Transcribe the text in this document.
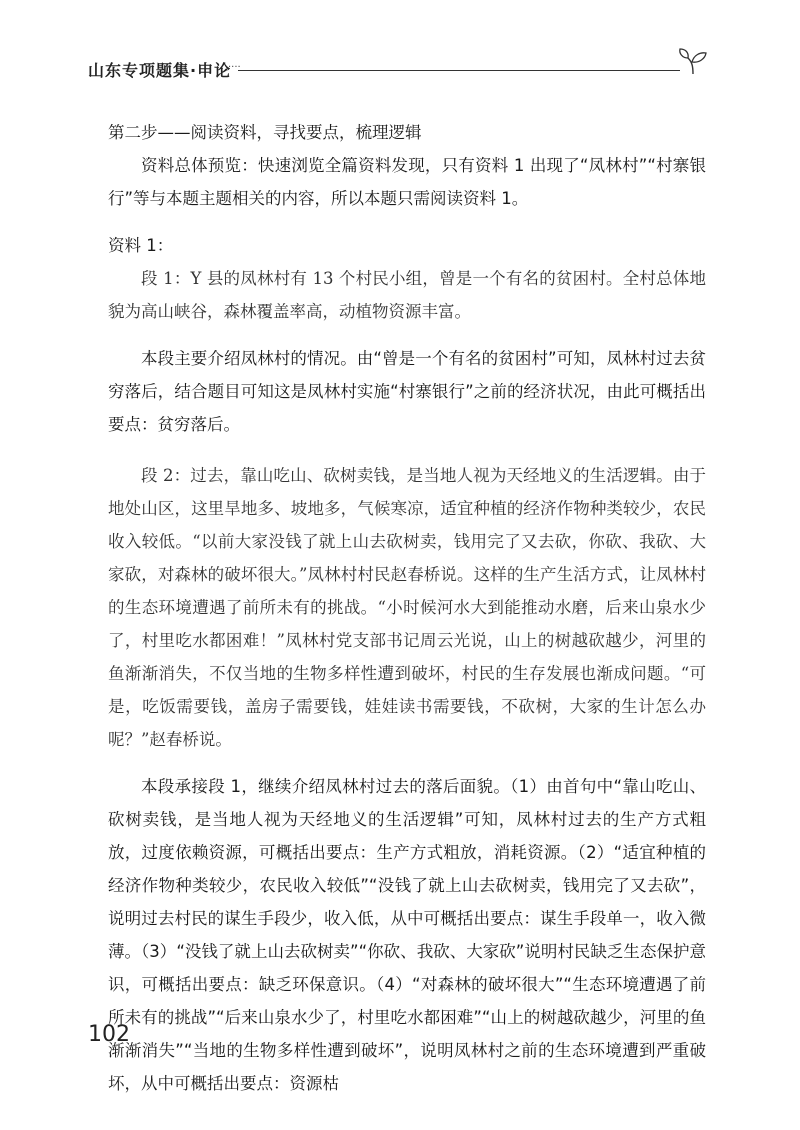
山东专项题集·申论
····

第二步——阅读资料，寻找要点，梳理逻辑

资料总体预览：快速浏览全篇资料发现，只有资料 1 出现了“凤林村”“村寨银行”等与本题主题相关的内容，所以本题只需阅读资料 1。

资料 1：

段 1：Y 县的凤林村有 13 个村民小组，曾是一个有名的贫困村。全村总体地貌为高山峡谷，森林覆盖率高，动植物资源丰富。

本段主要介绍凤林村的情况。由“曾是一个有名的贫困村”可知，凤林村过去贫穷落后，结合题目可知这是凤林村实施“村寨银行”之前的经济状况，由此可概括出要点：贫穷落后。

段 2：过去，靠山吃山、砍树卖钱，是当地人视为天经地义的生活逻辑。由于地处山区，这里旱地多、坡地多，气候寒凉，适宜种植的经济作物种类较少，农民收入较低。“以前大家没钱了就上山去砍树卖，钱用完了又去砍，你砍、我砍、大家砍，对森林的破坏很大。”凤林村村民赵春桥说。这样的生产生活方式，让凤林村的生态环境遭遇了前所未有的挑战。“小时候河水大到能推动水磨，后来山泉水少了，村里吃水都困难！”凤林村党支部书记周云光说，山上的树越砍越少，河里的鱼渐渐消失，不仅当地的生物多样性遭到破坏，村民的生存发展也渐成问题。“可是，吃饭需要钱，盖房子需要钱，娃娃读书需要钱，不砍树，大家的生计怎么办呢？”赵春桥说。

本段承接段 1，继续介绍凤林村过去的落后面貌。（1）由首句中“靠山吃山、砍树卖钱，是当地人视为天经地义的生活逻辑”可知，凤林村过去的生产方式粗放，过度依赖资源，可概括出要点：生产方式粗放，消耗资源。（2）“适宜种植的经济作物种类较少，农民收入较低”“没钱了就上山去砍树卖，钱用完了又去砍”，说明过去村民的谋生手段少，收入低，从中可概括出要点：谋生手段单一，收入微薄。（3）“没钱了就上山去砍树卖”“你砍、我砍、大家砍”说明村民缺乏生态保护意识，可概括出要点：缺乏环保意识。（4）“对森林的破坏很大”“生态环境遭遇了前所未有的挑战”“后来山泉水少了，村里吃水都困难”“山上的树越砍越少，河里的鱼渐渐消失”“当地的生物多样性遭到破坏”，说明凤林村之前的生态环境遭到严重破坏，从中可概括出要点：资源枯

102
